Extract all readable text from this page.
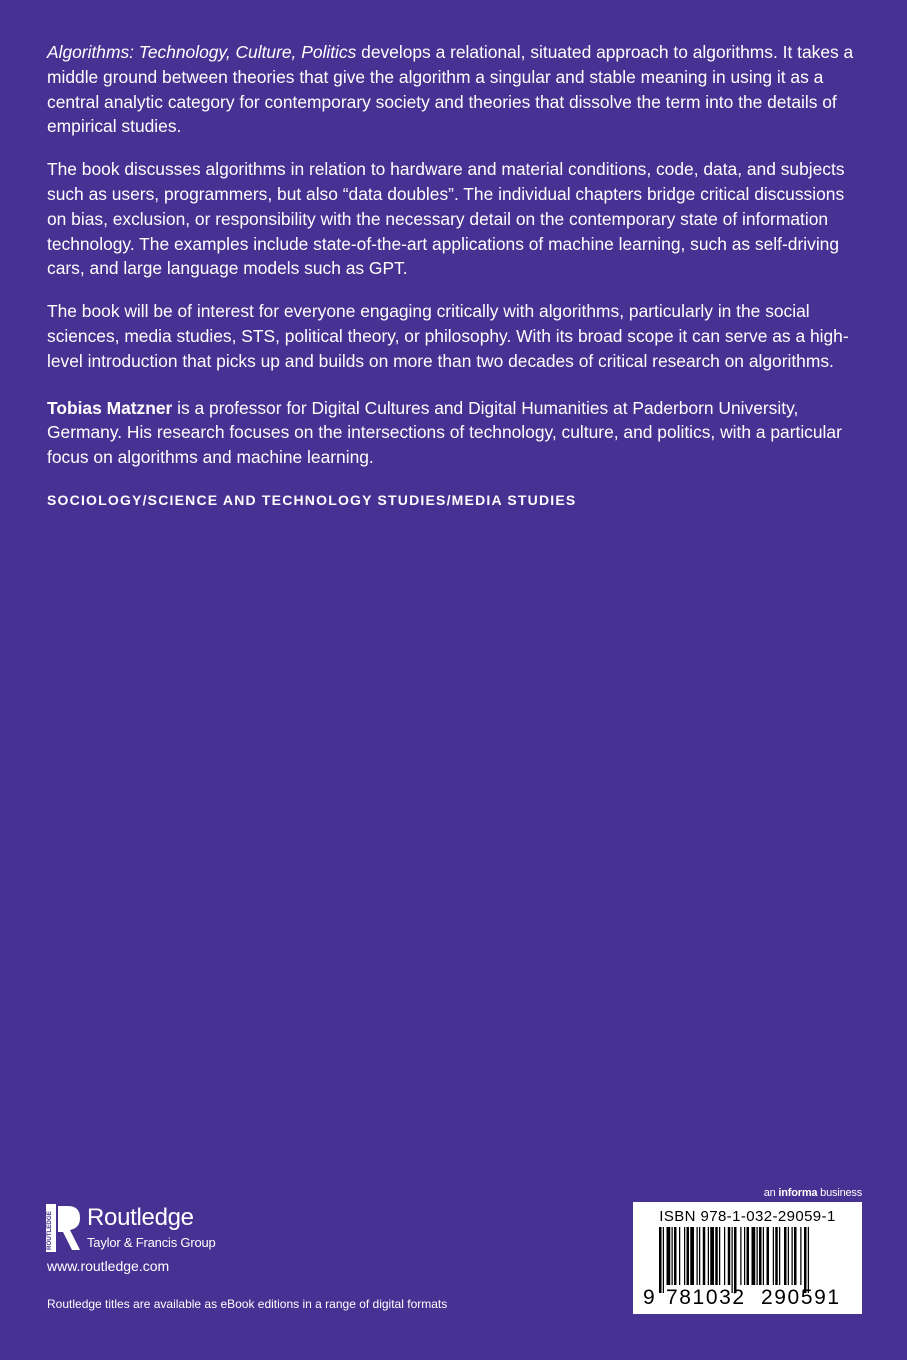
Algorithms: Technology, Culture, Politics develops a relational, situated approach to algorithms. It takes a middle ground between theories that give the algorithm a singular and stable meaning in using it as a central analytic category for contemporary society and theories that dissolve the term into the details of empirical studies.

The book discusses algorithms in relation to hardware and material conditions, code, data, and subjects such as users, programmers, but also “data doubles”. The individual chapters bridge critical discussions on bias, exclusion, or responsibility with the necessary detail on the contemporary state of information technology. The examples include state-of-the-art applications of machine learning, such as self-driving cars, and large language models such as GPT.

The book will be of interest for everyone engaging critically with algorithms, particularly in the social sciences, media studies, STS, political theory, or philosophy. With its broad scope it can serve as a high-level introduction that picks up and builds on more than two decades of critical research on algorithms.

Tobias Matzner is a professor for Digital Cultures and Digital Humanities at Paderborn University, Germany. His research focuses on the intersections of technology, culture, and politics, with a particular focus on algorithms and machine learning.

SOCIOLOGY/SCIENCE AND TECHNOLOGY STUDIES/MEDIA STUDIES
ROUTLEDGE Routledge
Taylor & Francis Group
www.routledge.com
Routledge titles are available as eBook editions in a range of digital formats
an informa business
ISBN 978-1-032-29059-1
9 781032 290591
